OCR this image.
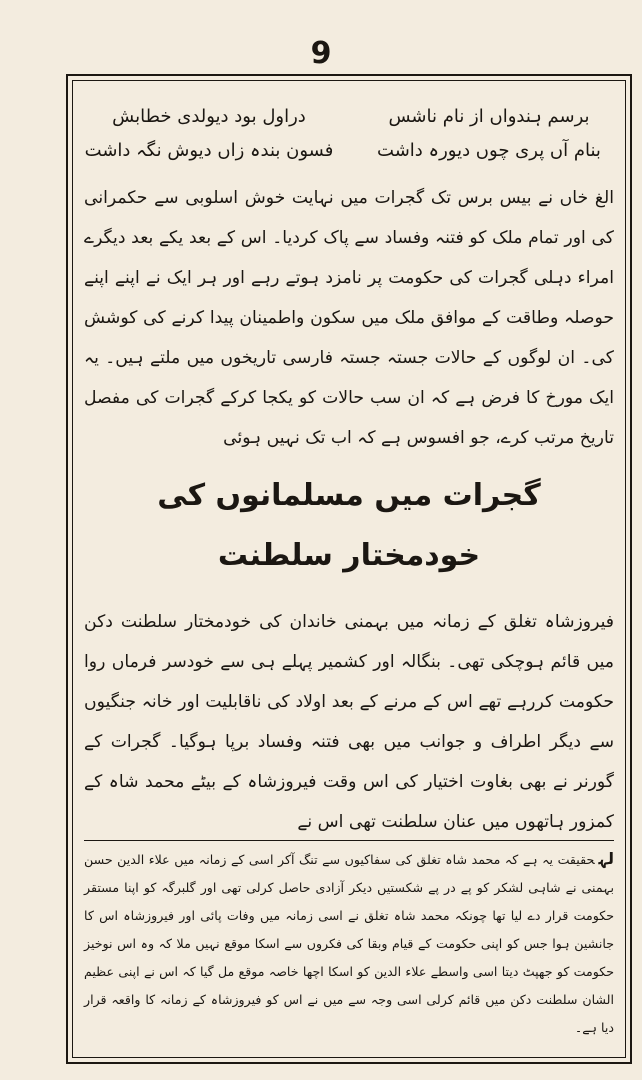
9
برسم ہندواں از نام ناشس
دراول بود دیولدی خطابش
بنام آں پری چوں دیورہ داشت
فسون بندہ زاں دیوش نگہ داشت

الغ خاں نے بیس برس تک گجرات میں نہایت خوش اسلوبی سے حکمرانی کی اور تمام ملک کو فتنہ وفساد سے پاک کردیا۔ اس کے بعد یکے بعد دیگرے امراء دہلی گجرات کی حکومت پر نامزد ہوتے رہے اور ہر ایک نے اپنے اپنے حوصلہ وطاقت کے موافق ملک میں سکون واطمینان پیدا کرنے کی کوشش کی۔ ان لوگوں کے حالات جستہ جستہ فارسی تاریخوں میں ملتے ہیں۔ یہ ایک مورخ کا فرض ہے کہ ان سب حالات کو یکجا کرکے گجرات کی مفصل تاریخ مرتب کرے، جو افسوس ہے کہ اب تک نہیں ہوئی

گجرات میں مسلمانوں کی خودمختار سلطنت

فیروزشاہ تغلق کے زمانہ میں بہمنی خاندان کی خودمختار سلطنت دکن میں قائم ہوچکی تھی۔ بنگالہ اور کشمیر پہلے ہی سے خودسر فرماں روا حکومت کررہے تھے اس کے مرنے کے بعد اولاد کی ناقابلیت اور خانہ جنگیوں سے دیگر اطراف و جوانب میں بھی فتنہ وفساد برپا ہوگیا۔ گجرات کے گورنر نے بھی بغاوت اختیار کی اس وقت فیروزشاہ کے بیٹے محمد شاہ کے کمزور ہاتھوں میں عنان سلطنت تھی اس نے

لہحقیقت یہ ہے کہ محمد شاہ تغلق کی سفاکیوں سے تنگ آکر اسی کے زمانہ میں علاء الدین حسن بہمنی نے شاہی لشکر کو پے در پے شکستیں دیکر آزادی حاصل کرلی تھی اور گلبرگہ کو اپنا مستقر حکومت قرار دے لیا تھا چونکہ محمد شاہ تغلق نے اسی زمانہ میں وفات پائی اور فیروزشاہ اس کا جانشین ہوا جس کو اپنی حکومت کے قیام وبقا کی فکروں سے اسکا موقع نہیں ملا کہ وہ اس نوخیز حکومت کو جھپٹ دیتا اسی واسطے علاء الدین کو اسکا اچھا خاصہ موقع مل گیا کہ اس نے اپنی عظیم الشان سلطنت دکن میں قائم کرلی اسی وجہ سے میں نے اس کو فیروزشاہ کے زمانہ کا واقعہ قرار دیا ہے۔
